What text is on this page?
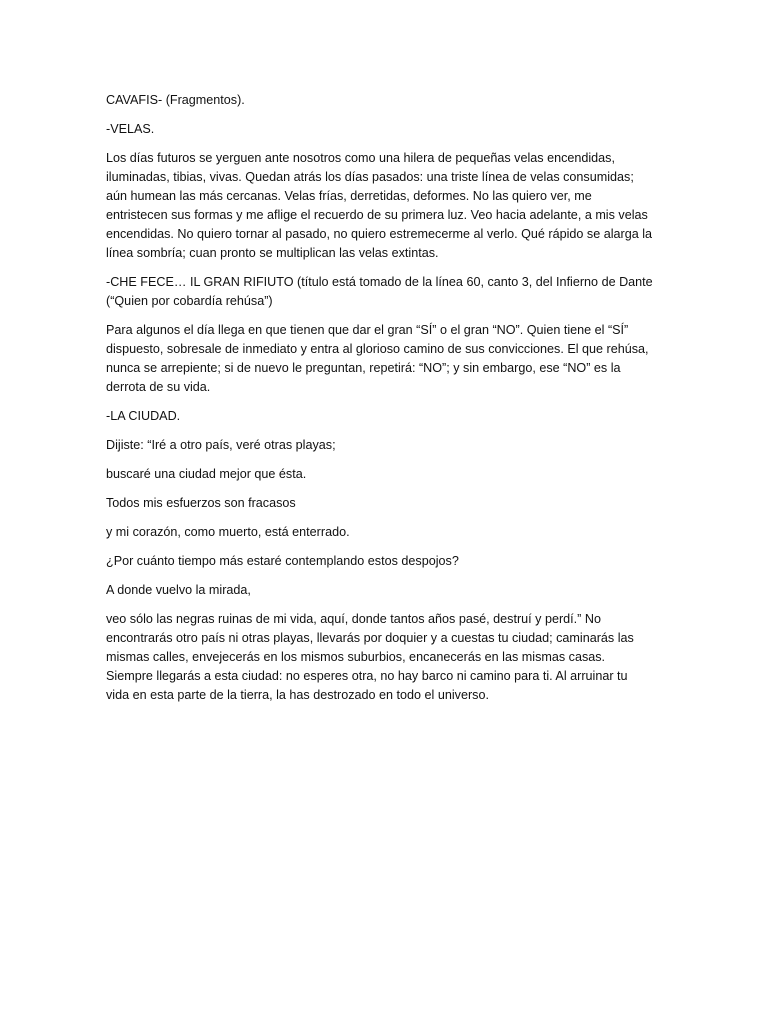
CAVAFIS- (Fragmentos).

-VELAS.

Los días futuros se yerguen ante nosotros como una hilera de pequeñas velas encendidas, iluminadas, tibias, vivas. Quedan atrás los días pasados: una triste línea de velas consumidas; aún humean las más cercanas. Velas frías, derretidas, deformes. No las quiero ver, me entristecen sus formas y me aflige el recuerdo de su primera luz. Veo hacia adelante, a mis velas encendidas. No quiero tornar al pasado, no quiero estremecerme al verlo. Qué rápido se alarga la línea sombría; cuan pronto se multiplican las velas extintas.

-CHE FECE… IL GRAN RIFIUTO (título está tomado de la línea 60, canto 3, del Infierno de Dante (“Quien por cobardía rehúsa”)

Para algunos el día llega en que tienen que dar el gran “SÍ” o el gran “NO”. Quien tiene el “SÍ” dispuesto, sobresale de inmediato y entra al glorioso camino de sus convicciones. El que rehúsa, nunca se arrepiente; si de nuevo le preguntan, repetirá: “NO”; y sin embargo, ese “NO” es la derrota de su vida.

-LA CIUDAD.

Dijiste: “Iré a otro país, veré otras playas;

buscaré una ciudad mejor que ésta.

Todos mis esfuerzos son fracasos

y mi corazón, como muerto, está enterrado.

¿Por cuánto tiempo más estaré contemplando estos despojos?

A donde vuelvo la mirada,

veo sólo las negras ruinas de mi vida, aquí, donde tantos años pasé, destruí y perdí.” No encontrarás otro país ni otras playas, llevarás por doquier y a cuestas tu ciudad; caminarás las mismas calles, envejecerás en los mismos suburbios, encanecerás en las mismas casas. Siempre llegarás a esta ciudad: no esperes otra, no hay barco ni camino para ti. Al arruinar tu vida en esta parte de la tierra, la has destrozado en todo el universo.
